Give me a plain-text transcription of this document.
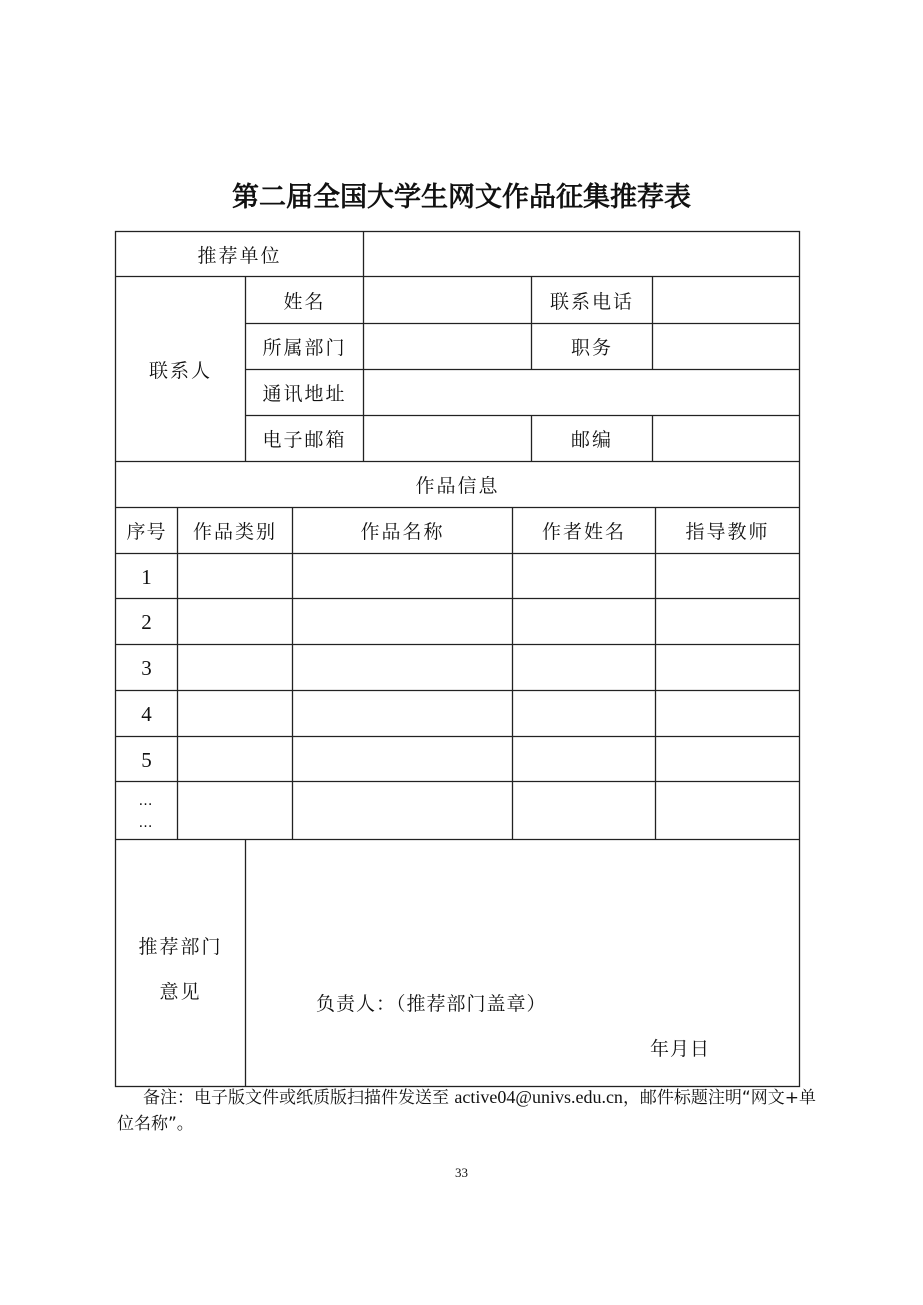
第二届全国大学生网文作品征集推荐表
推荐单位
联系人
姓名	联系电话
所属部门	职务
通讯地址
电子邮箱	邮编
作品信息
序号	作品类别	作品名称	作者姓名	指导教师
1
2
3
4
5
…
…
推荐部门
意见
负责人：（推荐部门盖章）
年月日
备注：电子版文件或纸质版扫描件发送至 active04@univs.edu.cn，邮件标题注明“网文+单位名称”。
33
